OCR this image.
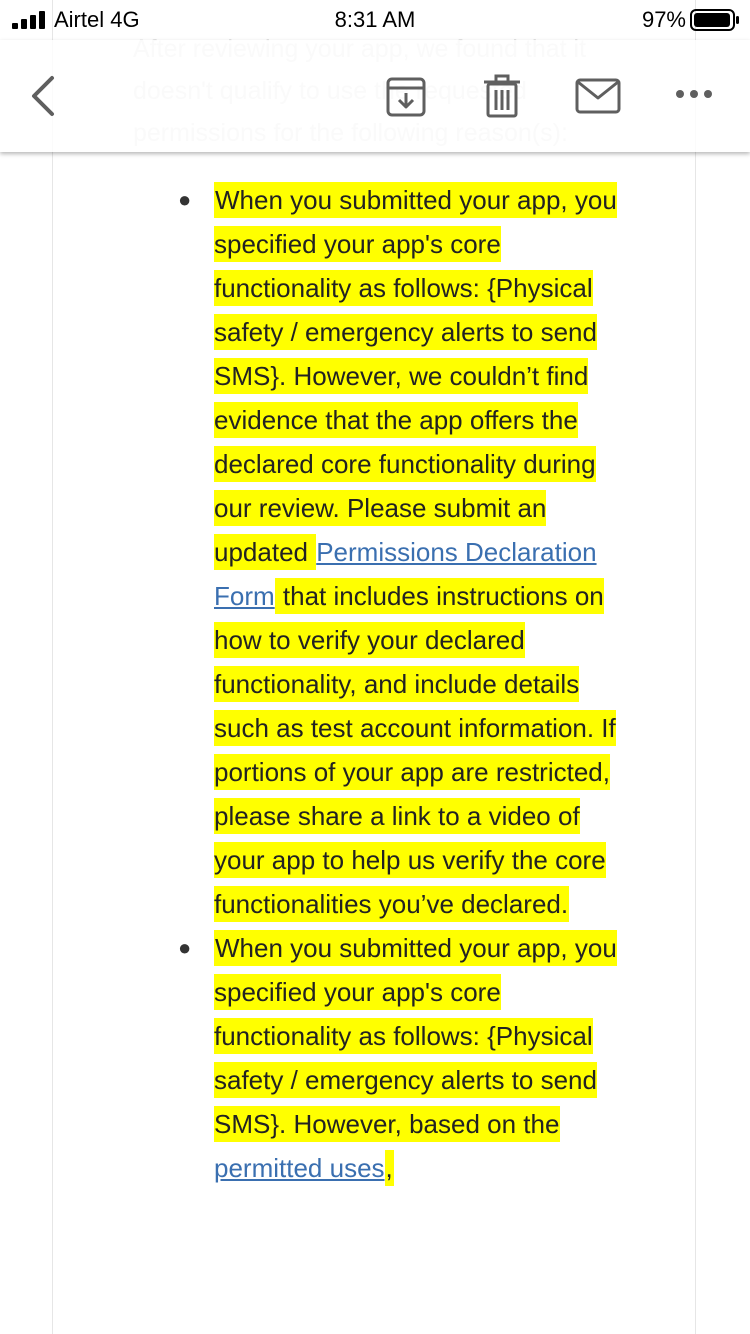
Airtel 4G	8:31 AM	97%
● When you submitted your app, you specified your app's core functionality as follows: {Physical safety / emergency alerts to send SMS}. However, we couldn’t find evidence that the app offers the declared core functionality during our review. Please submit an updated Permissions Declaration Form that includes instructions on how to verify your declared functionality, and include details such as test account information. If portions of your app are restricted, please share a link to a video of your app to help us verify the core functionalities you’ve declared.
● When you submitted your app, you specified your app's core functionality as follows: {Physical safety / emergency alerts to send SMS}. However, based on the permitted uses,
